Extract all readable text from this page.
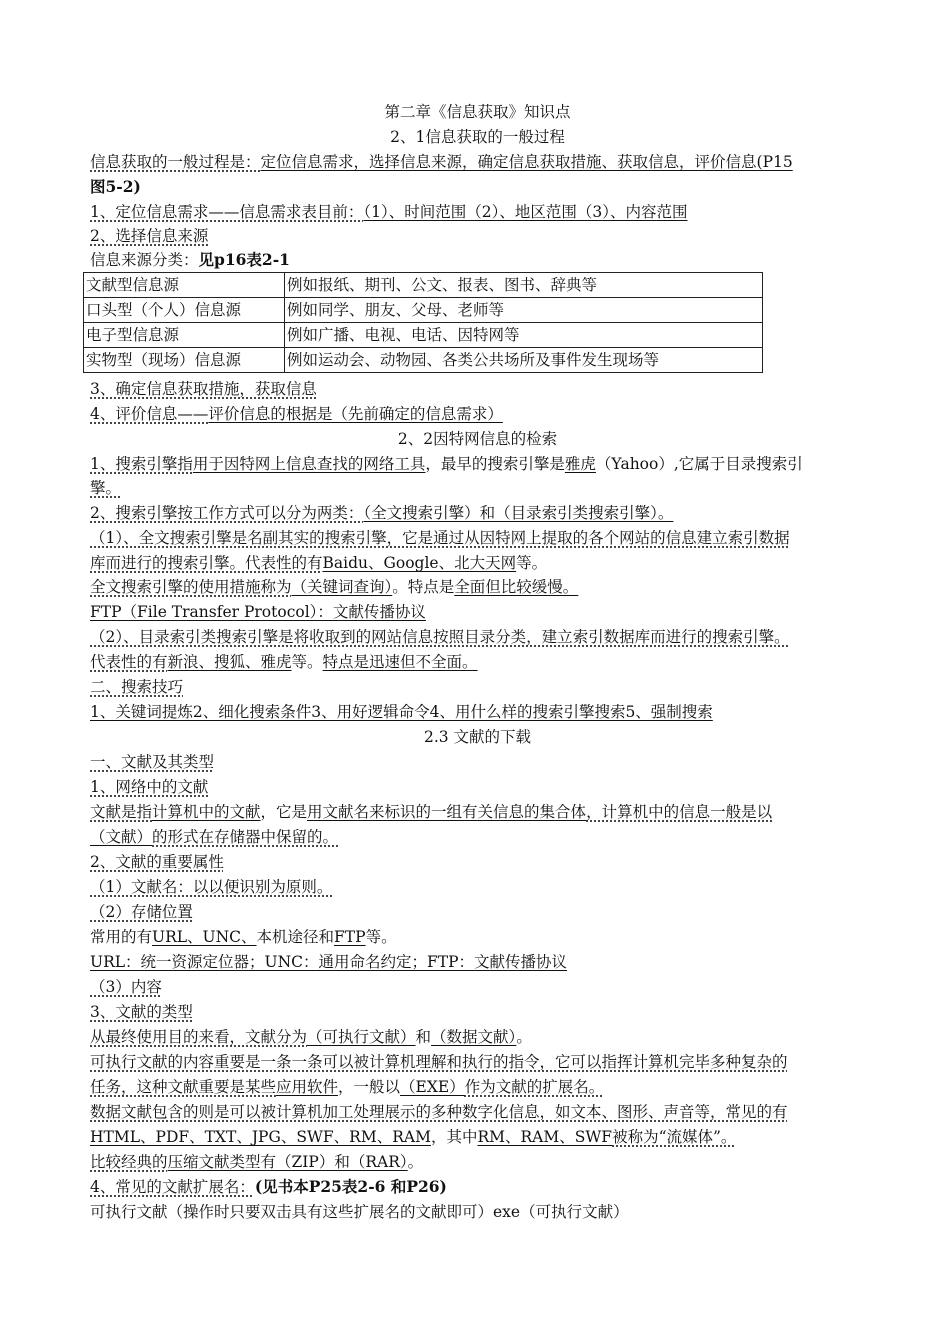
第二章《信息获取》知识点
2、1信息获取的一般过程
信息获取的一般过程是：定位信息需求，选择信息来源，确定信息获取措施、获取信息，评价信息(P15
图5-2)
1、定位信息需求——信息需求表目前：（1）、时间范围（2）、地区范围（3）、内容范围
2、选择信息来源
信息来源分类：见p16表2-1
文献型信息源	例如报纸、期刊、公文、报表、图书、辞典等
口头型（个人）信息源	例如同学、朋友、父母、老师等
电子型信息源	例如广播、电视、电话、因特网等
实物型（现场）信息源	例如运动会、动物园、各类公共场所及事件发生现场等
3、确定信息获取措施，获取信息
4、评价信息——评价信息的根据是（先前确定的信息需求）
2、2因特网信息的检索
1、搜索引擎指用于因特网上信息查找的网络工具，最早的搜索引擎是雅虎（Yahoo）,它属于目录搜索引
擎。
2、搜索引擎按工作方式可以分为两类：（全文搜索引擎）和（目录索引类搜索引擎）。
（1）、全文搜索引擎是名副其实的搜索引擎，它是通过从因特网上提取的各个网站的信息建立索引数据
库而进行的搜索引擎。代表性的有Baidu、Google、北大天网等。
全文搜索引擎的使用措施称为（关键词查询）。特点是全面但比较缓慢。
FTP（File Transfer Protocol）：文献传播协议
（2）、目录索引类搜索引擎是将收取到的网站信息按照目录分类，建立索引数据库而进行的搜索引擎。
代表性的有新浪、搜狐、雅虎等。特点是迅速但不全面。
二、搜索技巧
1、关键词提炼2、细化搜索条件3、用好逻辑命令4、用什么样的搜索引擎搜索5、强制搜索
2.3 文献的下载
一、文献及其类型
1、网络中的文献
文献是指计算机中的文献，它是用文献名来标识的一组有关信息的集合体，计算机中的信息一般是以
（文献）的形式在存储器中保留的。
2、文献的重要属性
（1）文献名：以以便识别为原则。
（2）存储位置
常用的有URL、UNC、本机途径和FTP等。
URL：统一资源定位器；UNC：通用命名约定；FTP：文献传播协议
（3）内容
3、文献的类型
从最终使用目的来看，文献分为（可执行文献）和（数据文献）。
可执行文献的内容重要是一条一条可以被计算机理解和执行的指令，它可以指挥计算机完毕多种复杂的
任务，这种文献重要是某些应用软件，一般以（EXE）作为文献的扩展名。
数据文献包含的则是可以被计算机加工处理展示的多种数字化信息，如文本、图形、声音等，常见的有
HTML、PDF、TXT、JPG、SWF、RM、RAM，其中RM、RAM、SWF被称为“流媒体”。
比较经典的压缩文献类型有（ZIP）和（RAR）。
4、常见的文献扩展名：(见书本P25表2-6 和P26)
可执行文献（操作时只要双击具有这些扩展名的文献即可）exe（可执行文献）
